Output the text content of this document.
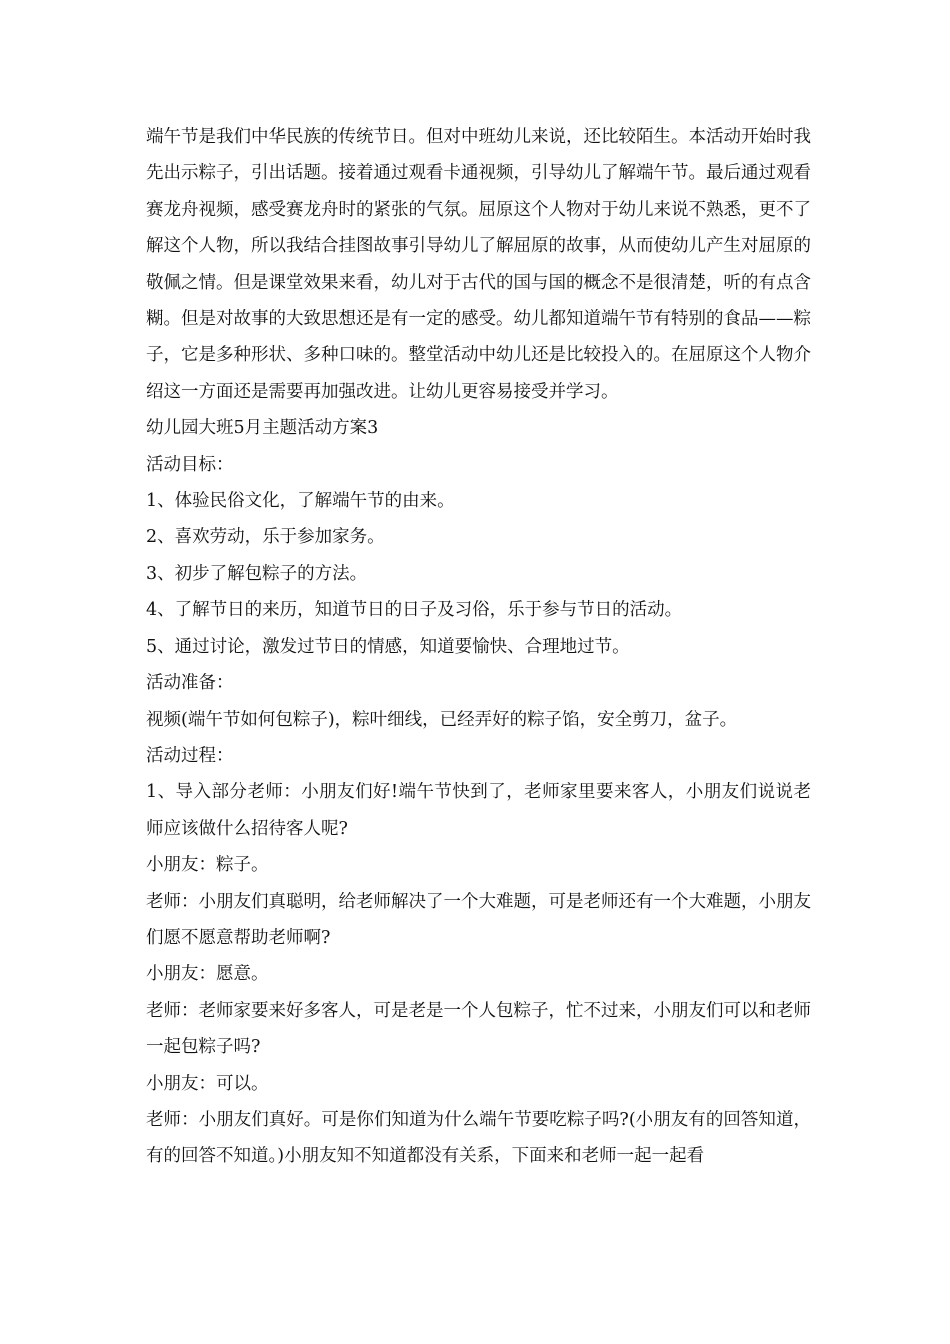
端午节是我们中华民族的传统节日。但对中班幼儿来说，还比较陌生。本活动开始时我先出示粽子，引出话题。接着通过观看卡通视频，引导幼儿了解端午节。最后通过观看赛龙舟视频，感受赛龙舟时的紧张的气氛。屈原这个人物对于幼儿来说不熟悉，更不了解这个人物，所以我结合挂图故事引导幼儿了解屈原的故事，从而使幼儿产生对屈原的敬佩之情。但是课堂效果来看，幼儿对于古代的国与国的概念不是很清楚，听的有点含糊。但是对故事的大致思想还是有一定的感受。幼儿都知道端午节有特别的食品——粽子，它是多种形状、多种口味的。整堂活动中幼儿还是比较投入的。在屈原这个人物介绍这一方面还是需要再加强改进。让幼儿更容易接受并学习。

幼儿园大班5月主题活动方案3

活动目标：

1、体验民俗文化，了解端午节的由来。

2、喜欢劳动，乐于参加家务。

3、初步了解包粽子的方法。

4、了解节日的来历，知道节日的日子及习俗，乐于参与节日的活动。

5、通过讨论，激发过节日的情感，知道要愉快、合理地过节。

活动准备：

视频(端午节如何包粽子)，粽叶细线，已经弄好的粽子馅，安全剪刀，盆子。

活动过程：

1、导入部分老师：小朋友们好!端午节快到了，老师家里要来客人，小朋友们说说老师应该做什么招待客人呢?

小朋友：粽子。

老师：小朋友们真聪明，给老师解决了一个大难题，可是老师还有一个大难题，小朋友们愿不愿意帮助老师啊?

小朋友：愿意。

老师：老师家要来好多客人，可是老是一个人包粽子，忙不过来，小朋友们可以和老师一起包粽子吗?

小朋友：可以。

老师：小朋友们真好。可是你们知道为什么端午节要吃粽子吗?(小朋友有的回答知道，有的回答不知道。)小朋友知不知道都没有关系，下面来和老师一起一起看
